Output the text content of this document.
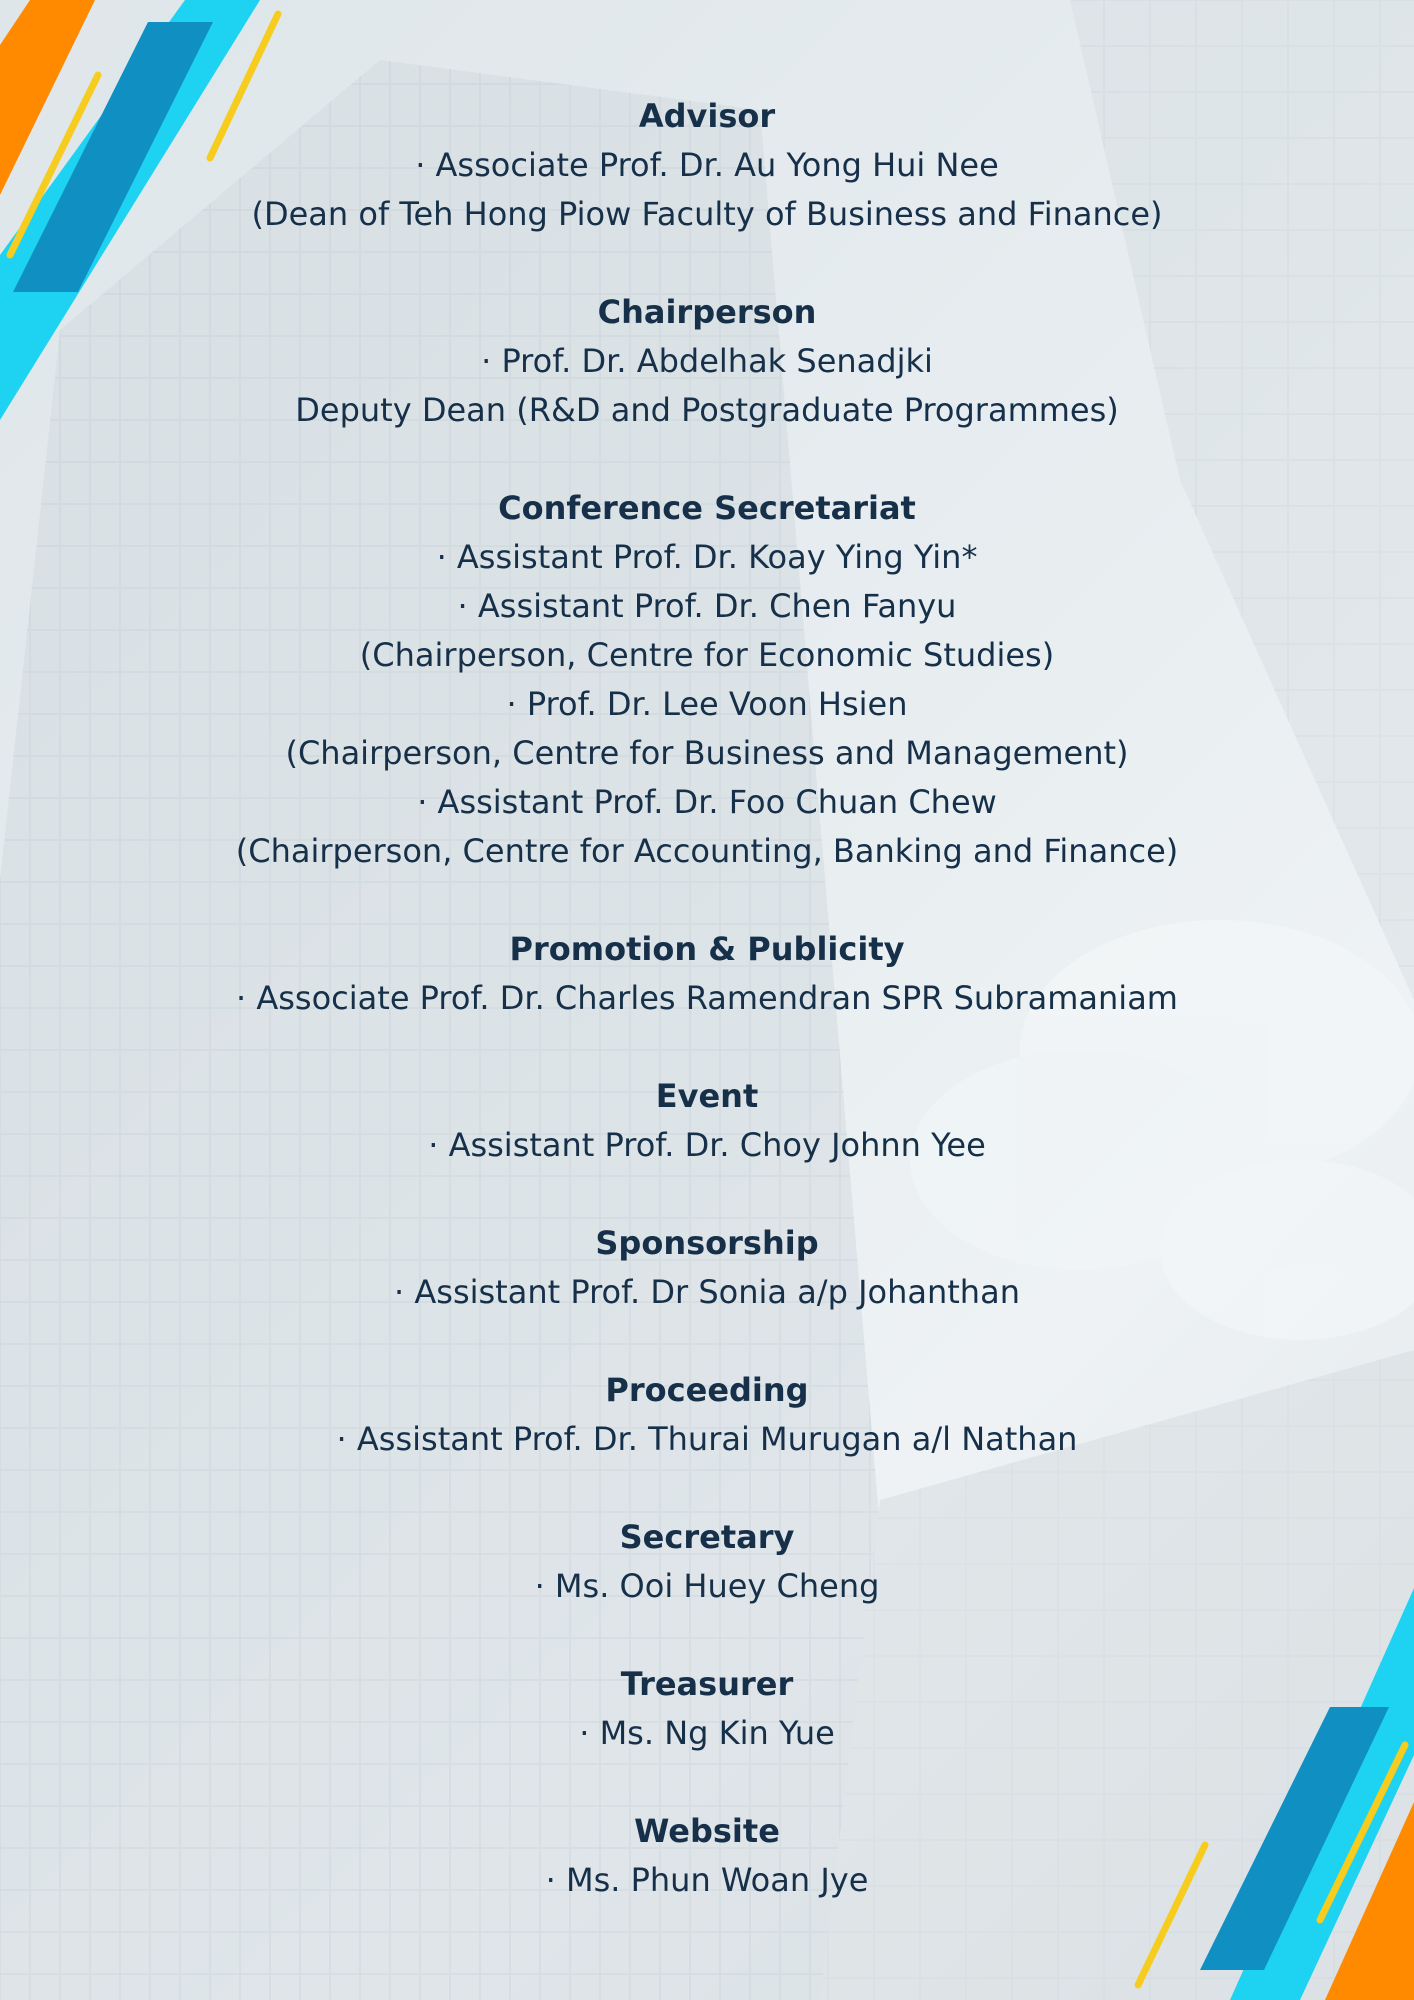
Advisor

· Associate Prof. Dr. Au Yong Hui Nee

(Dean of Teh Hong Piow Faculty of Business and Finance)

Chairperson

· Prof. Dr. Abdelhak Senadjki

Deputy Dean (R&D and Postgraduate Programmes)

Conference Secretariat

· Assistant Prof. Dr. Koay Ying Yin*

· Assistant Prof. Dr. Chen Fanyu

(Chairperson, Centre for Economic Studies)

· Prof. Dr. Lee Voon Hsien

(Chairperson, Centre for Business and Management)

· Assistant Prof. Dr. Foo Chuan Chew

(Chairperson, Centre for Accounting, Banking and Finance)

Promotion & Publicity

· Associate Prof. Dr. Charles Ramendran SPR Subramaniam

Event

· Assistant Prof. Dr. Choy Johnn Yee

Sponsorship

· Assistant Prof. Dr Sonia a/p Johanthan

Proceeding

· Assistant Prof. Dr. Thurai Murugan a/l Nathan

Secretary

· Ms. Ooi Huey Cheng

Treasurer

· Ms. Ng Kin Yue

Website

· Ms. Phun Woan Jye
